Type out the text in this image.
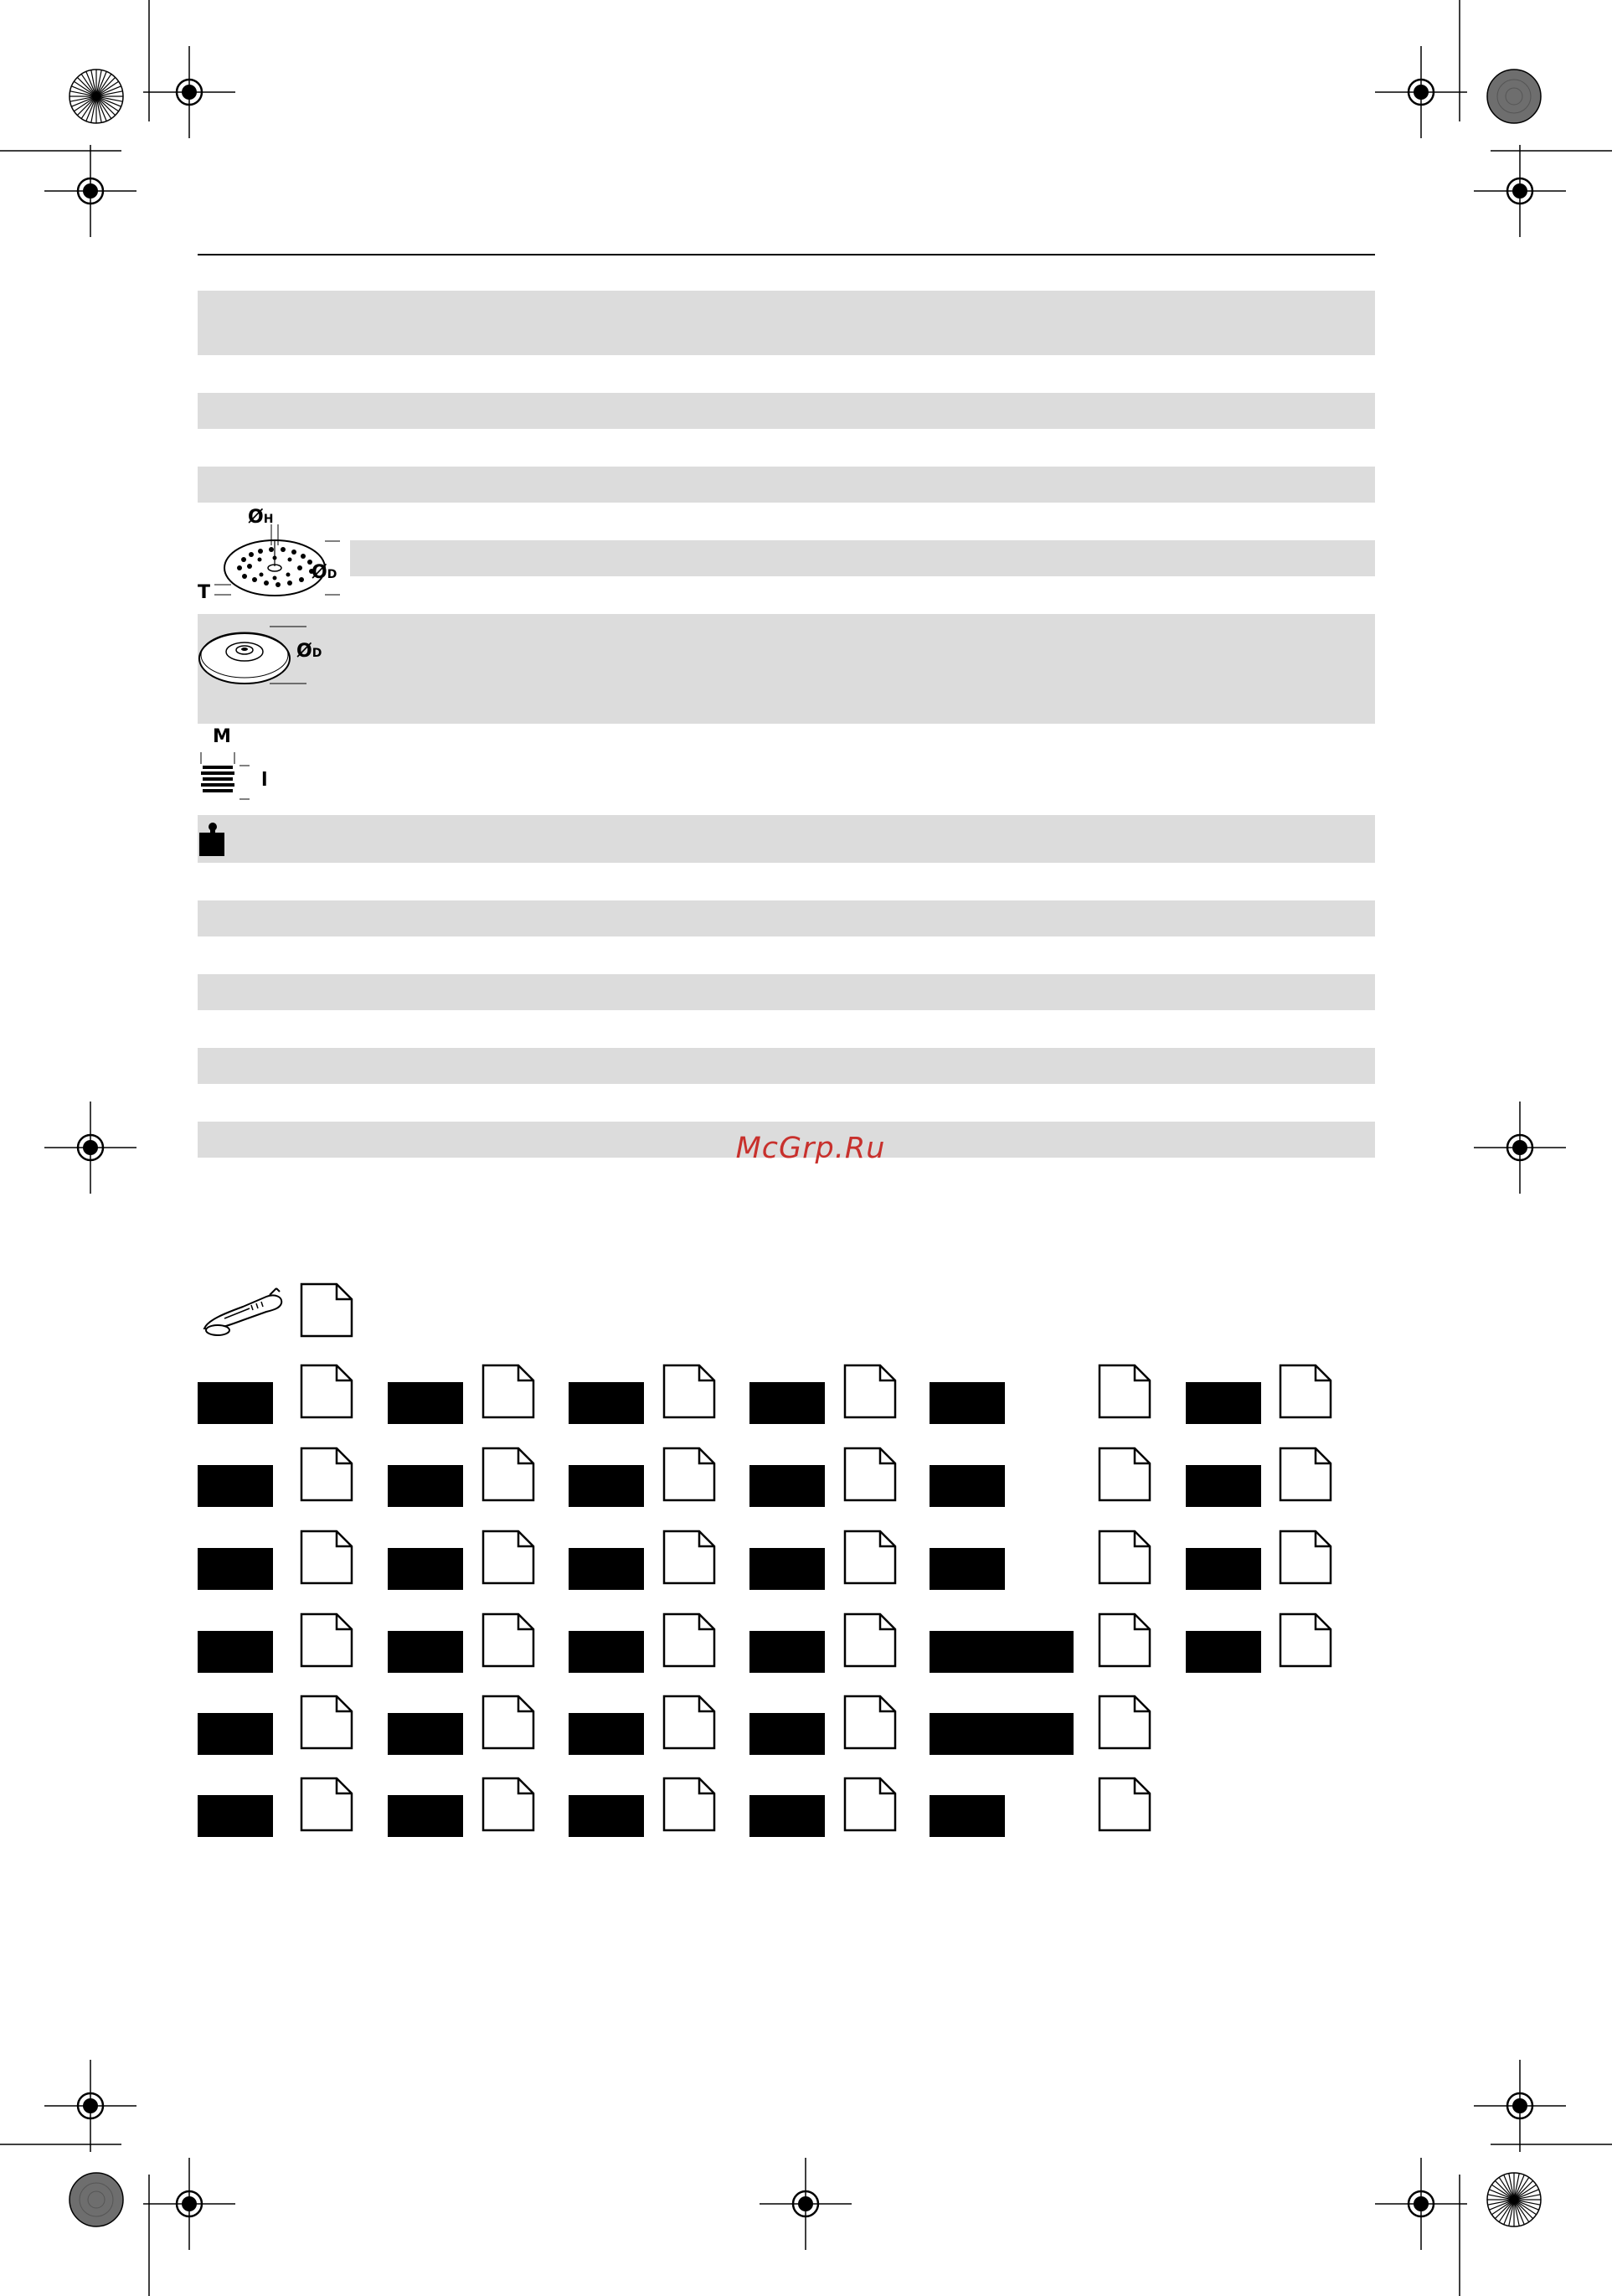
ØH
ØD
T
ØD
M
l
McGrp.Ru
